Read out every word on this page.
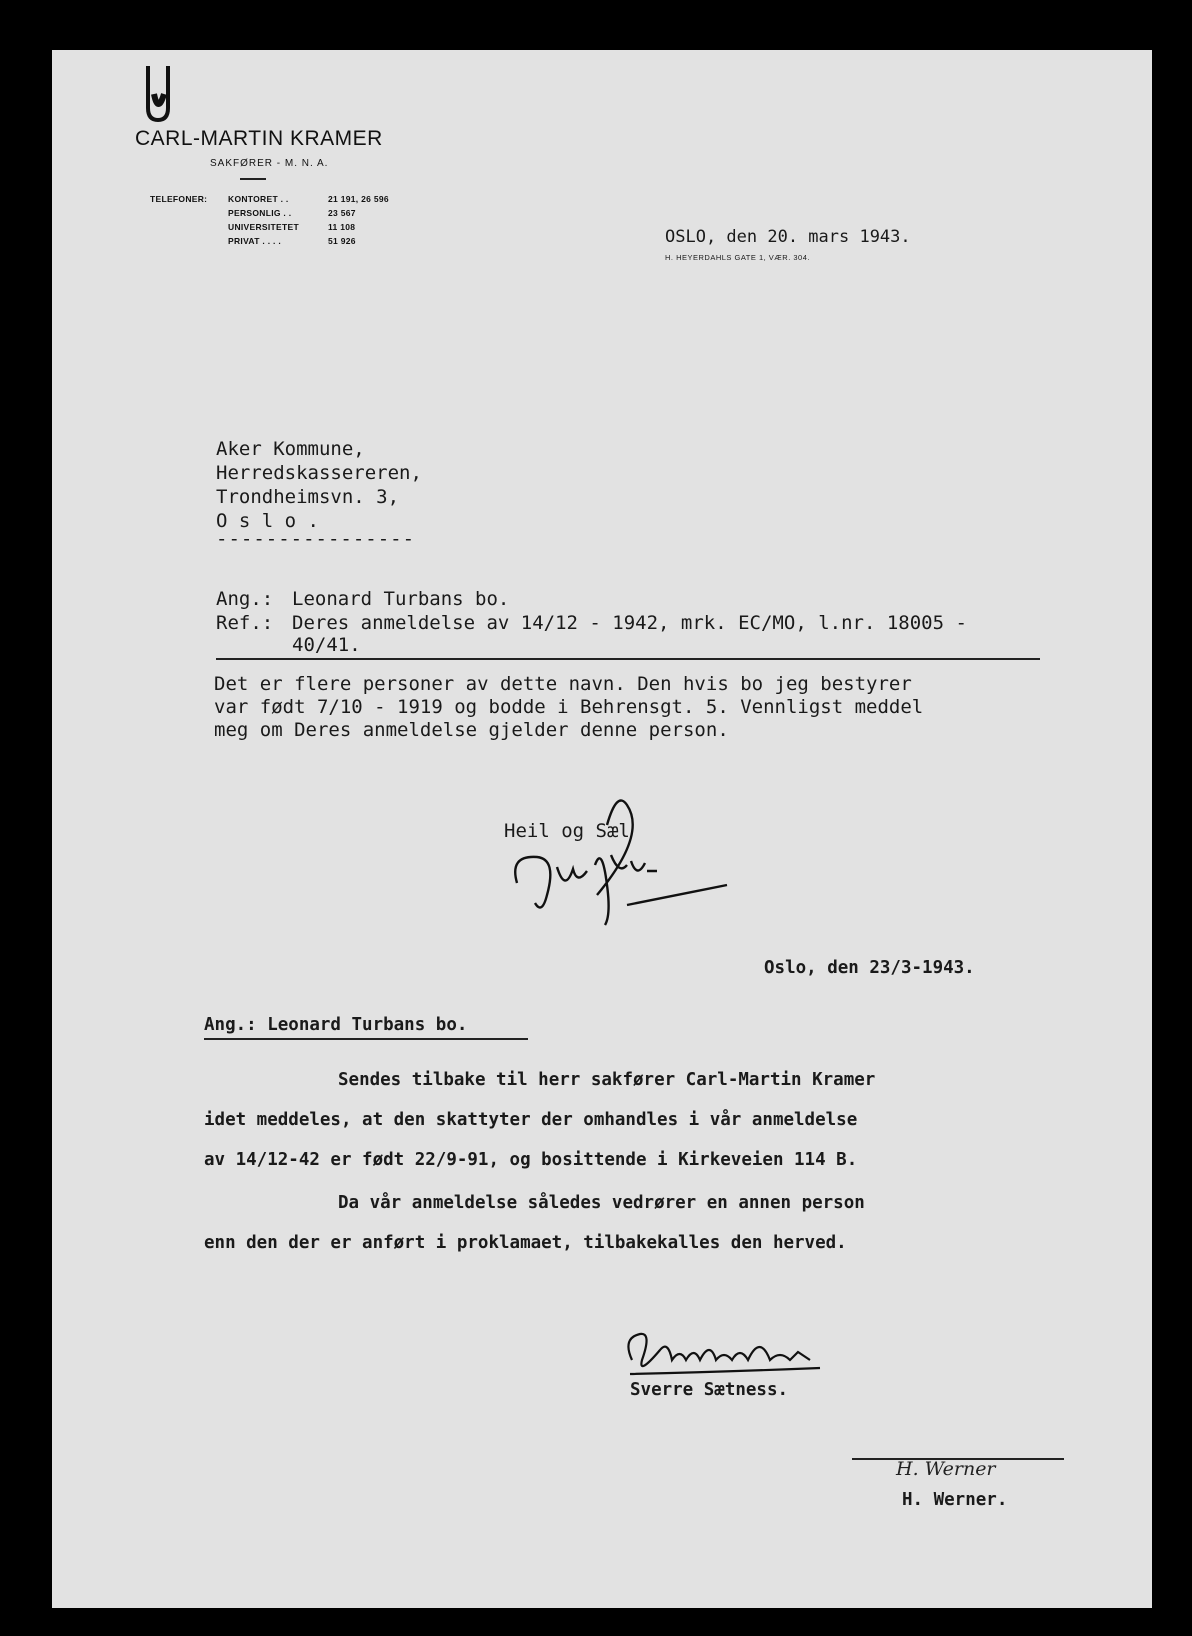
CARL-MARTIN KRAMER
SAKFØRER - M. N. A.
TELEFONER: KONTORET . .	21 191, 26 596
PERSONLIG . .	23 567
UNIVERSITETET	11 108
PRIVAT . . . .	51 926	OSLO, den 20. mars 1943.
H. HEYERDAHLS GATE 1, VÆR. 304.
Aker Kommune,
Herredskassereren,
Trondheimsvn. 3,
O s l o .
----------------
Ang.: Leonard Turbans bo.
Ref.: Deres anmeldelse av 14/12 - 1942, mrk. EC/MO, l.nr. 18005 -
40/41.
Det er flere personer av dette navn. Den hvis bo jeg bestyrer
var født 7/10 - 1919 og bodde i Behrensgt. 5. Vennligst meddel
meg om Deres anmeldelse gjelder denne person.
Heil og Sæl
Oslo, den 23/3-1943.
Ang.: Leonard Turbans bo.
Sendes tilbake til herr sakfører Carl-Martin Kramer
idet meddeles, at den skattyter der omhandles i vår anmeldelse
av 14/12-42 er født 22/9-91, og bosittende i Kirkeveien 114 B.
Da vår anmeldelse således vedrører en annen person
enn den der er anført i proklamaet, tilbakekalles den herved.
Sverre Sætness.
H. Werner
H. Werner.
